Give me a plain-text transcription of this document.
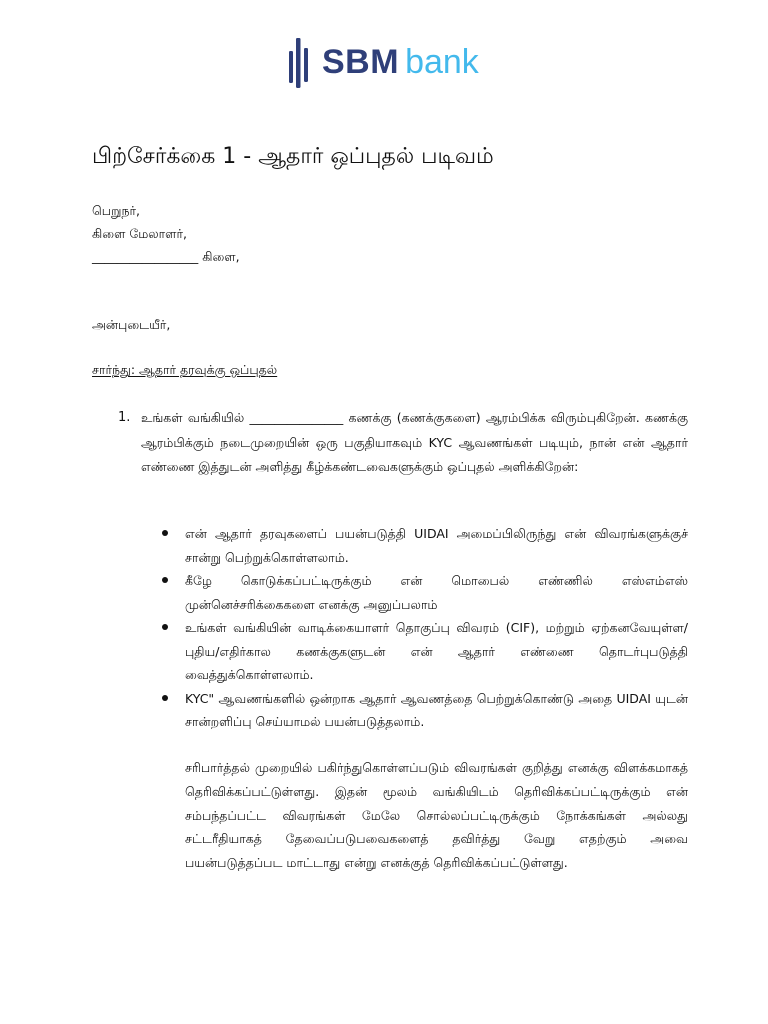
SBM bank
பிற்சேர்க்கை 1 - ஆதார் ஒப்புதல் படிவம்
பெறுநர்,
கிளை மேலாளர்,
_________________ கிளை,
அன்புடையீர்,
சார்ந்து: ஆதார் தரவுக்கு ஒப்புதல்
1. உங்கள் வங்கியில் _______________ கணக்கு (கணக்குகளை) ஆரம்பிக்க விரும்புகிறேன். கணக்கு ஆரம்பிக்கும் நடைமுறையின் ஒரு பகுதியாகவும் KYC ஆவணங்கள் படியும், நான் என் ஆதார் எண்ணை இத்துடன் அளித்து கீழ்க்கண்டவைகளுக்கும் ஒப்புதல் அளிக்கிறேன்:
என் ஆதார் தரவுகளைப் பயன்படுத்தி UIDAI அமைப்பிலிருந்து என் விவரங்களுக்குச் சான்று பெற்றுக்கொள்ளலாம்.
கீழே கொடுக்கப்பட்டிருக்கும் என் மொபைல் எண்ணில் எஸ்எம்எஸ் முன்னெச்சரிக்கைகளை எனக்கு அனுப்பலாம்
உங்கள் வங்கியின் வாடிக்கையாளர் தொகுப்பு விவரம் (CIF), மற்றும் ஏற்கனவேயுள்ள/புதிய/எதிர்கால கணக்குகளுடன் என் ஆதார் எண்ணை தொடர்புபடுத்தி வைத்துக்கொள்ளலாம்.
KYC" ஆவணங்களில் ஒன்றாக ஆதார் ஆவணத்தை பெற்றுக்கொண்டு அதை UIDAI யுடன் சான்றளிப்பு செய்யாமல் பயன்படுத்தலாம்.
சரிபார்த்தல் முறையில் பகிர்ந்துகொள்ளப்படும் விவரங்கள் குறித்து எனக்கு விளக்கமாகத் தெரிவிக்கப்பட்டுள்ளது. இதன் மூலம் வங்கியிடம் தெரிவிக்கப்பட்டிருக்கும் என் சம்பந்தப்பட்ட விவரங்கள் மேலே சொல்லப்பட்டிருக்கும் நோக்கங்கள் அல்லது சட்டரீதியாகத் தேவைப்படுபவைகளைத் தவிர்த்து வேறு எதற்கும் அவை பயன்படுத்தப்பட மாட்டாது என்று எனக்குத் தெரிவிக்கப்பட்டுள்ளது.
